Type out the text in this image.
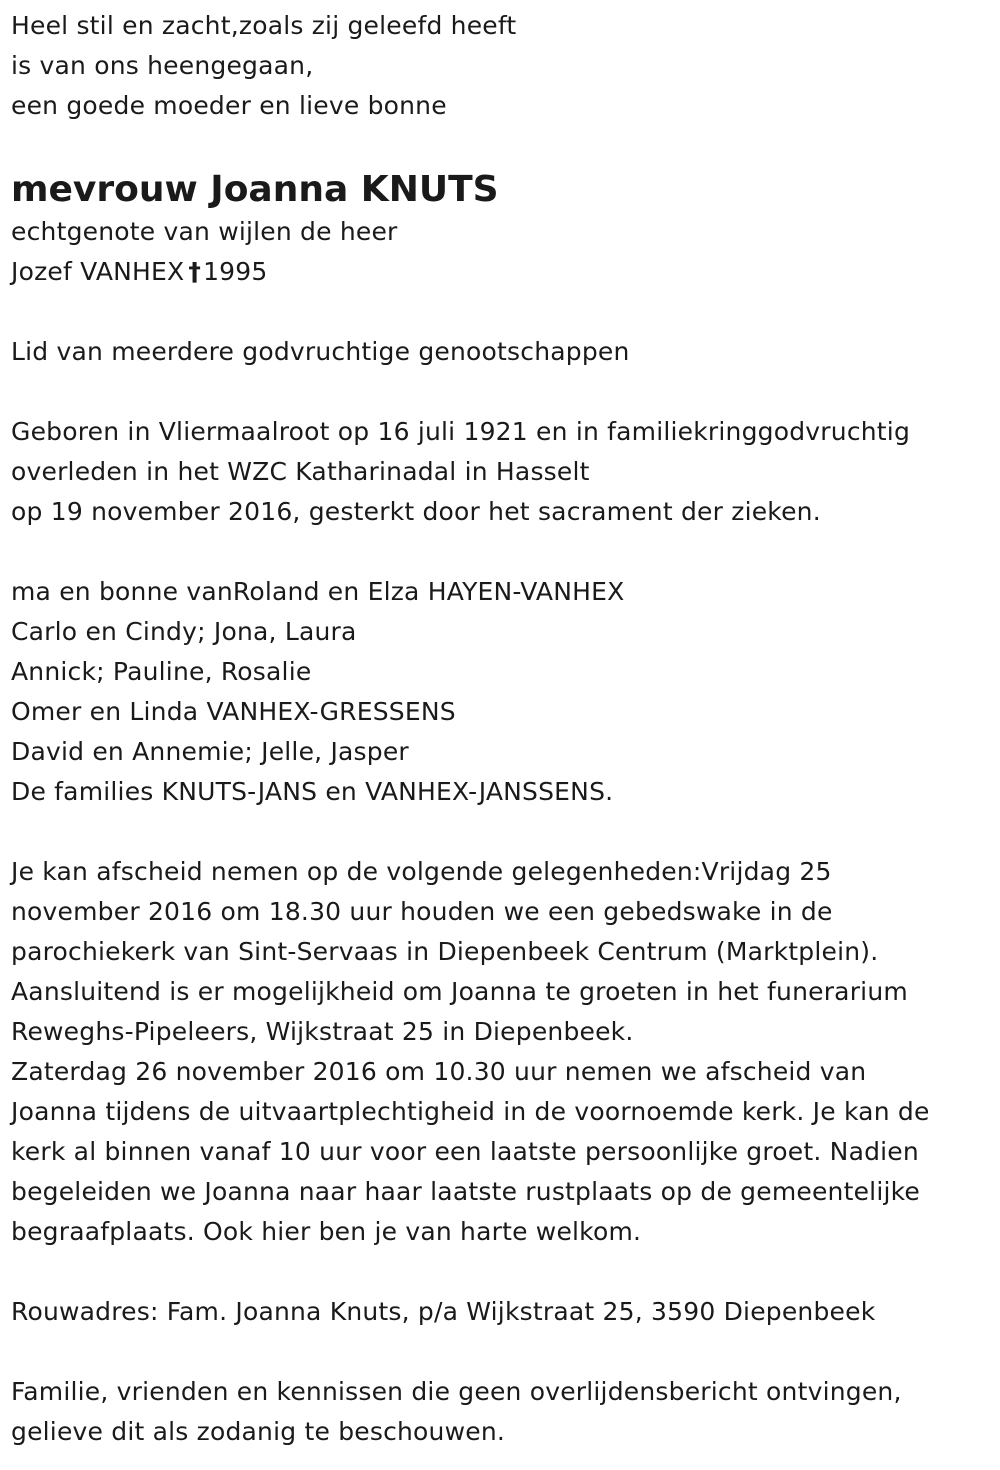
Heel stil en zacht,zoals zij geleefd heeft
is van ons heengegaan,
een goede moeder en lieve bonne
mevrouw Joanna KNUTS
echtgenote van wijlen de heer
Jozef VANHEX †1995
Lid van meerdere godvruchtige genootschappen
Geboren in Vliermaalroot op 16 juli 1921 en in familiekringgodvruchtig
overleden in het WZC Katharinadal in Hasselt
op 19 november 2016, gesterkt door het sacrament der zieken.
ma en bonne vanRoland en Elza HAYEN-VANHEX
Carlo en Cindy; Jona, Laura
Annick; Pauline, Rosalie
Omer en Linda VANHEX-GRESSENS
David en Annemie; Jelle, Jasper
De families KNUTS-JANS en VANHEX-JANSSENS.
Je kan afscheid nemen op de volgende gelegenheden:Vrijdag 25
november 2016 om 18.30 uur houden we een gebedswake in de
parochiekerk van Sint-Servaas in Diepenbeek Centrum (Marktplein).
Aansluitend is er mogelijkheid om Joanna te groeten in het funerarium
Reweghs-Pipeleers, Wijkstraat 25 in Diepenbeek.
Zaterdag 26 november 2016 om 10.30 uur nemen we afscheid van
Joanna tijdens de uitvaartplechtigheid in de voornoemde kerk. Je kan de
kerk al binnen vanaf 10 uur voor een laatste persoonlijke groet. Nadien
begeleiden we Joanna naar haar laatste rustplaats op de gemeentelijke
begraafplaats. Ook hier ben je van harte welkom.
Rouwadres: Fam. Joanna Knuts, p/a Wijkstraat 25, 3590 Diepenbeek
Familie, vrienden en kennissen die geen overlijdensbericht ontvingen,
gelieve dit als zodanig te beschouwen.
